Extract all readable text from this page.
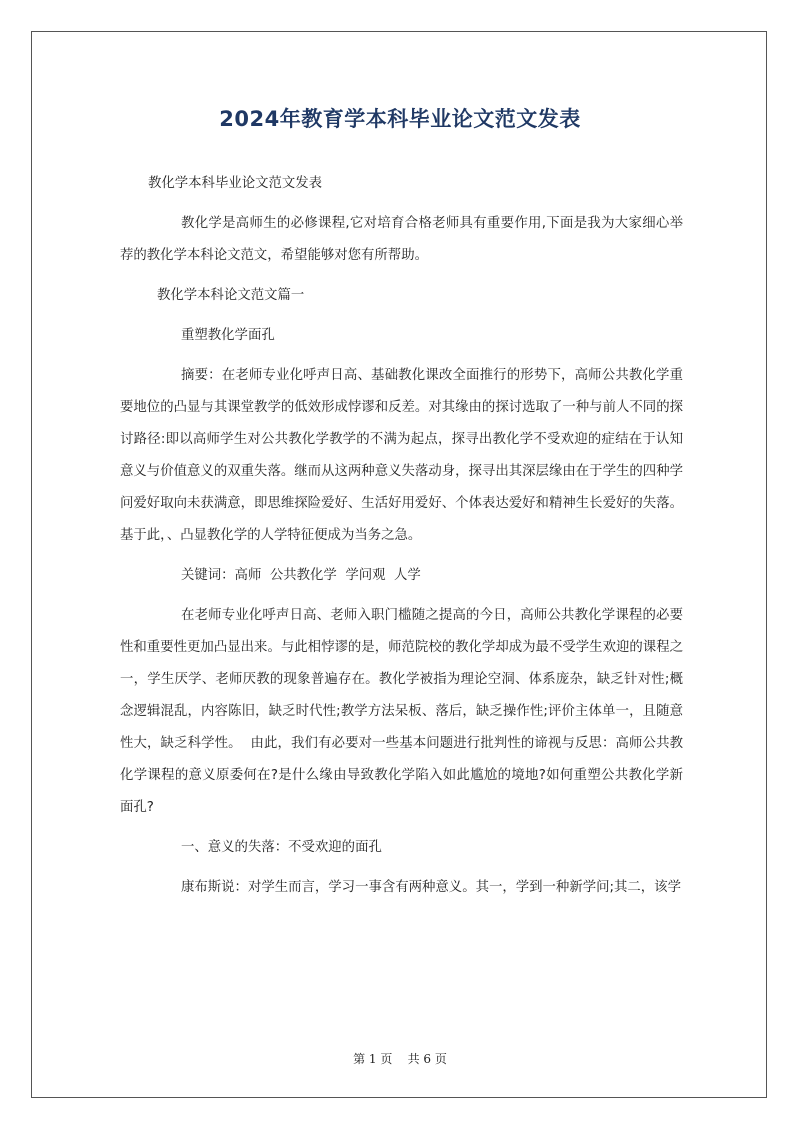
2024年教育学本科毕业论文范文发表

教化学本科毕业论文范文发表

教化学是高师生的必修课程,它对培育合格老师具有重要作用,下面是我为大家细心举荐的教化学本科论文范文，希望能够对您有所帮助。

教化学本科论文范文篇一

重塑教化学面孔

摘要：在老师专业化呼声日高、基础教化课改全面推行的形势下，高师公共教化学重要地位的凸显与其课堂教学的低效形成悖谬和反差。对其缘由的探讨选取了一种与前人不同的探讨路径:即以高师学生对公共教化学教学的不满为起点，探寻出教化学不受欢迎的症结在于认知意义与价值意义的双重失落。继而从这两种意义失落动身，探寻出其深层缘由在于学生的四种学问爱好取向未获满意，即思维探险爱好、生活好用爱好、个体表达爱好和精神生长爱好的失落。基于此，、凸显教化学的人学特征便成为当务之急。

关键词：高师  公共教化学  学问观  人学

在老师专业化呼声日高、老师入职门槛随之提高的今日，高师公共教化学课程的必要性和重要性更加凸显出来。与此相悖谬的是，师范院校的教化学却成为最不受学生欢迎的课程之一，学生厌学、老师厌教的现象普遍存在。教化学被指为理论空洞、体系庞杂，缺乏针对性;概念逻辑混乱，内容陈旧，缺乏时代性;教学方法呆板、落后，缺乏操作性;评价主体单一，且随意性大，缺乏科学性。  由此，我们有必要对一些基本问题进行批判性的谛视与反思：高师公共教化学课程的意义原委何在?是什么缘由导致教化学陷入如此尴尬的境地?如何重塑公共教化学新面孔?

一、意义的失落：不受欢迎的面孔

康布斯说：对学生而言，学习一事含有两种意义。其一，学到一种新学问;其二，该学

第 1 页    共 6 页
